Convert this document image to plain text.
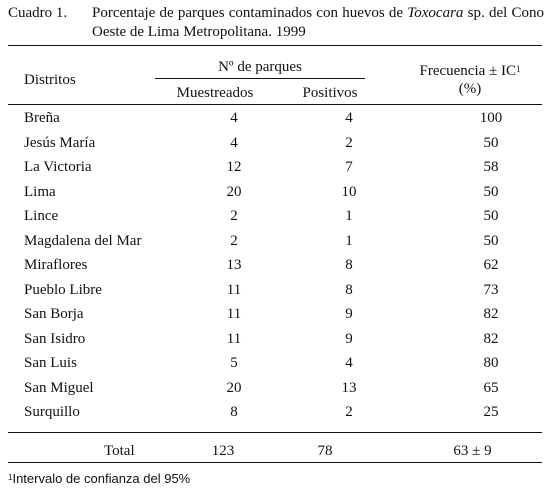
Cuadro 1. Porcentaje de parques contaminados con huevos de Toxocara sp. del Cono Oeste de Lima Metropolitana. 1999
Distritos
Nº de parques
Muestreados	Positivos
Frecuencia ± $IC^1$
(%)
Breña	4	4	100
Jesús María	4	2	50
La Victoria	12	7	58
Lima	20	10	50
Lince	2	1	50
Magdalena del Mar	2	1	50
Miraflores	13	8	62
Pueblo Libre	11	8	73
San Borja	11	9	82
San Isidro	11	9	82
San Luis	5	4	80
San Miguel	20	13	65
Surquillo	8	2	25
Total	123	78	63 ± 9
$^1$Intervalo de confianza del 95%
